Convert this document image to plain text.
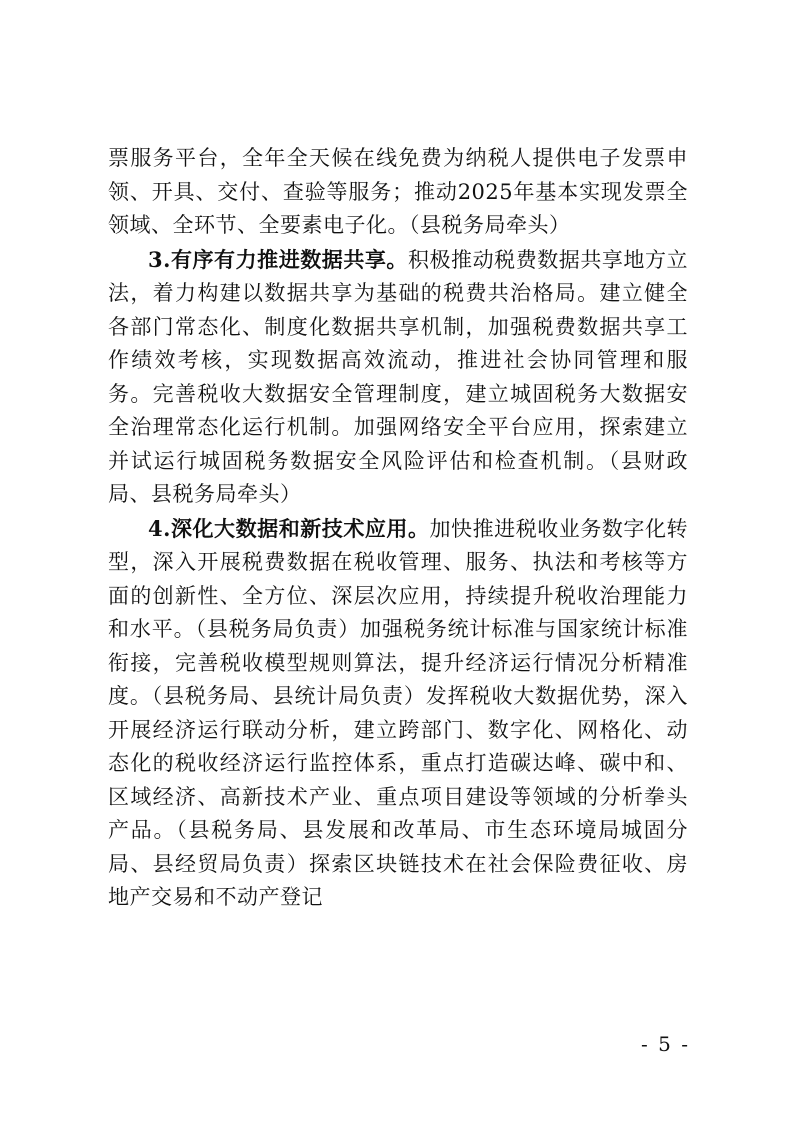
票服务平台，全年全天候在线免费为纳税人提供电子发票申领、开具、交付、查验等服务；推动2025年基本实现发票全领域、全环节、全要素电子化。（县税务局牵头）

3.有序有力推进数据共享。积极推动税费数据共享地方立法，着力构建以数据共享为基础的税费共治格局。建立健全各部门常态化、制度化数据共享机制，加强税费数据共享工作绩效考核，实现数据高效流动，推进社会协同管理和服务。完善税收大数据安全管理制度，建立城固税务大数据安全治理常态化运行机制。加强网络安全平台应用，探索建立并试运行城固税务数据安全风险评估和检查机制。（县财政局、县税务局牵头）

4.深化大数据和新技术应用。加快推进税收业务数字化转型，深入开展税费数据在税收管理、服务、执法和考核等方面的创新性、全方位、深层次应用，持续提升税收治理能力和水平。（县税务局负责）加强税务统计标准与国家统计标准衔接，完善税收模型规则算法，提升经济运行情况分析精准度。（县税务局、县统计局负责）发挥税收大数据优势，深入开展经济运行联动分析，建立跨部门、数字化、网格化、动态化的税收经济运行监控体系，重点打造碳达峰、碳中和、区域经济、高新技术产业、重点项目建设等领域的分析拳头产品。（县税务局、县发展和改革局、市生态环境局城固分局、县经贸局负责）探索区块链技术在社会保险费征收、房地产交易和不动产登记

- 5 -
